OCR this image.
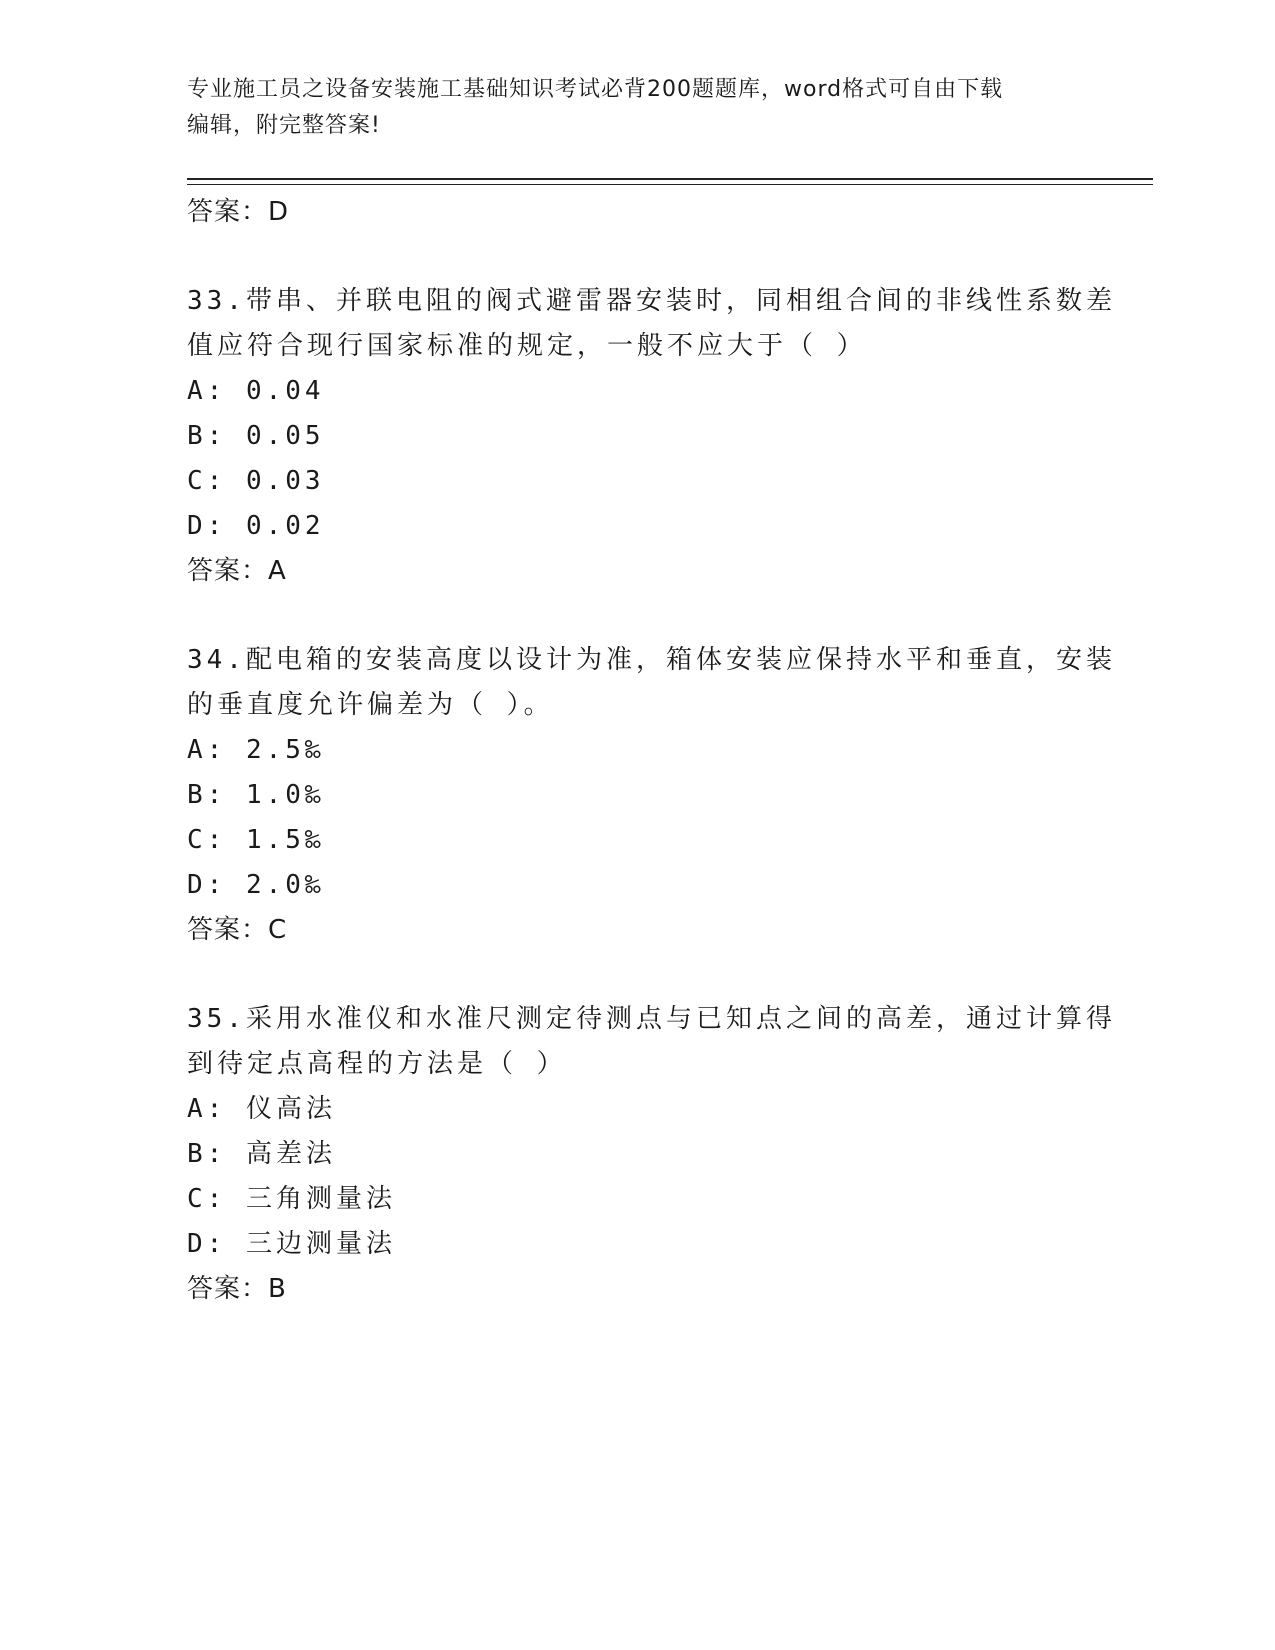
专业施工员之设备安装施工基础知识考试必背200题题库，word格式可自由下载
编辑，附完整答案!
答案：D
33.带串、并联电阻的阀式避雷器安装时，同相组合间的非线性系数差
值应符合现行国家标准的规定，一般不应大于（ ）
A: 0.04
B: 0.05
C: 0.03
D: 0.02
答案：A
34.配电箱的安装高度以设计为准，箱体安装应保持水平和垂直，安装
的垂直度允许偏差为（ ）。
A: 2.5‰
B: 1.0‰
C: 1.5‰
D: 2.0‰
答案：C
35.采用水准仪和水准尺测定待测点与已知点之间的高差，通过计算得
到待定点高程的方法是（ ）
A: 仪高法
B: 高差法
C: 三角测量法
D: 三边测量法
答案：B
